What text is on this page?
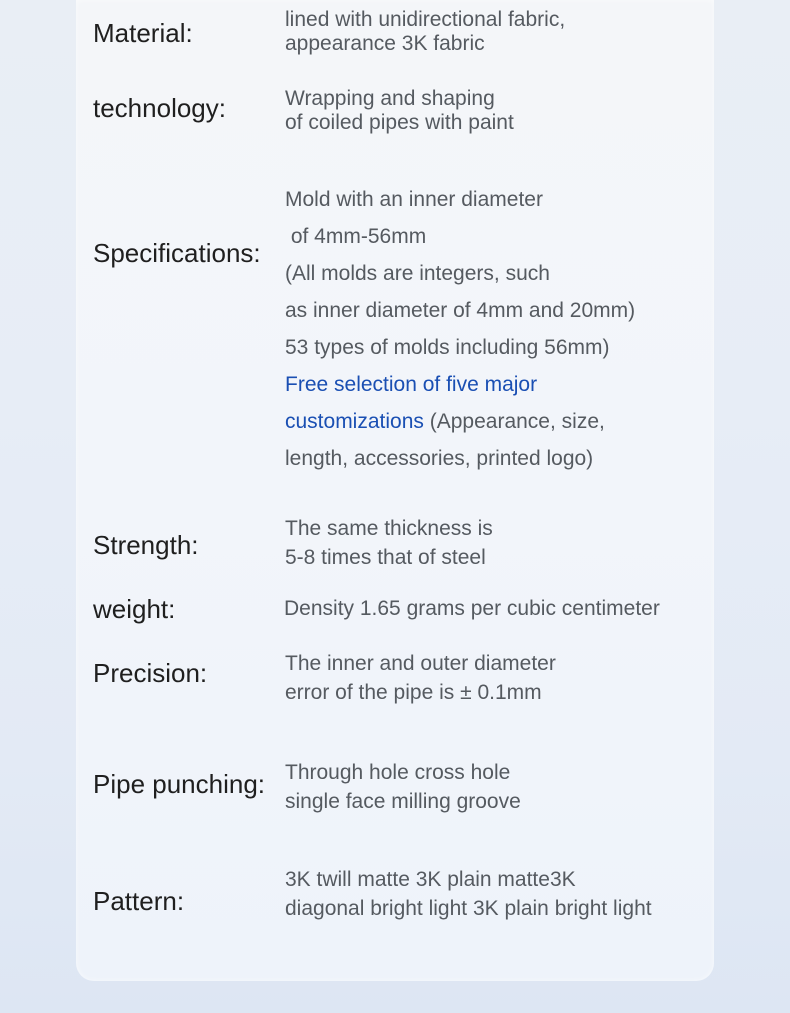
Material:	lined with unidirectional fabric,
appearance 3K fabric
technology:	Wrapping and shaping
of coiled pipes with paint
Specifications:
Mold with an inner diameter
of 4mm-56mm
(All molds are integers, such
as inner diameter of 4mm and 20mm)
53 types of molds including 56mm)
Free selection of five major
customizations (Appearance, size,
length, accessories, printed logo)
Strength:
The same thickness is
5-8 times that of steel
weight:	Density 1.65 grams per cubic centimeter
Precision:	The inner and outer diameter
error of the pipe is ± 0.1mm
Pipe punching: Through hole cross hole
single face milling groove
Pattern:
3K twill matte 3K plain matte3K
diagonal bright light 3K plain bright light
